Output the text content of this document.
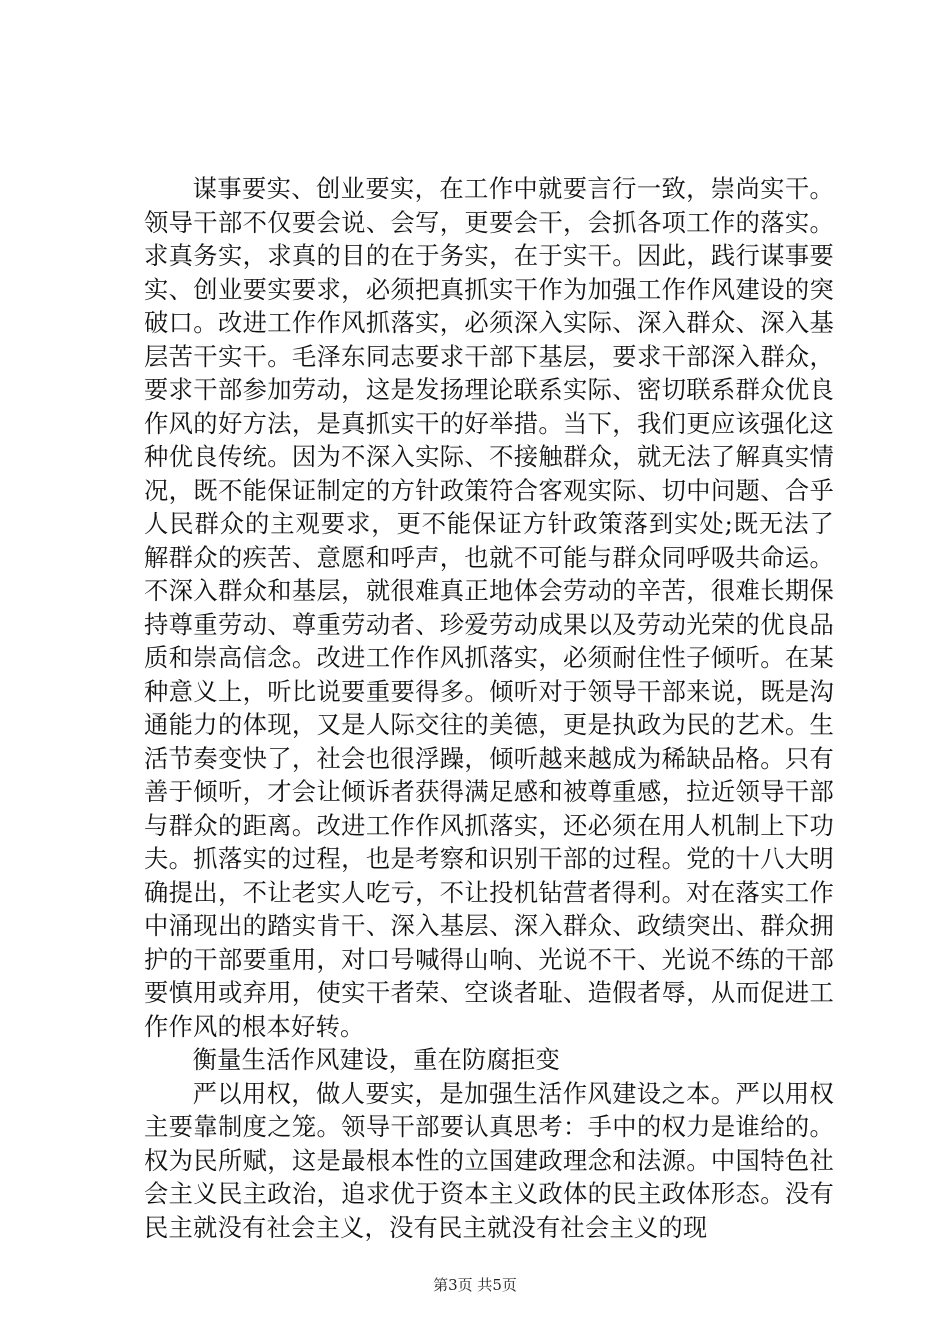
谋事要实、创业要实，在工作中就要言行一致，崇尚实干。领导干部不仅要会说、会写，更要会干，会抓各项工作的落实。求真务实，求真的目的在于务实，在于实干。因此，践行谋事要实、创业要实要求，必须把真抓实干作为加强工作作风建设的突破口。改进工作作风抓落实，必须深入实际、深入群众、深入基层苦干实干。毛泽东同志要求干部下基层，要求干部深入群众，要求干部参加劳动，这是发扬理论联系实际、密切联系群众优良作风的好方法，是真抓实干的好举措。当下，我们更应该强化这种优良传统。因为不深入实际、不接触群众，就无法了解真实情况，既不能保证制定的方针政策符合客观实际、切中问题、合乎人民群众的主观要求，更不能保证方针政策落到实处;既无法了解群众的疾苦、意愿和呼声，也就不可能与群众同呼吸共命运。不深入群众和基层，就很难真正地体会劳动的辛苦，很难长期保持尊重劳动、尊重劳动者、珍爱劳动成果以及劳动光荣的优良品质和崇高信念。改进工作作风抓落实，必须耐住性子倾听。在某种意义上，听比说要重要得多。倾听对于领导干部来说，既是沟通能力的体现，又是人际交往的美德，更是执政为民的艺术。生活节奏变快了，社会也很浮躁，倾听越来越成为稀缺品格。只有善于倾听，才会让倾诉者获得满足感和被尊重感，拉近领导干部与群众的距离。改进工作作风抓落实，还必须在用人机制上下功夫。抓落实的过程，也是考察和识别干部的过程。党的十八大明确提出，不让老实人吃亏，不让投机钻营者得利。对在落实工作中涌现出的踏实肯干、深入基层、深入群众、政绩突出、群众拥护的干部要重用，对口号喊得山响、光说不干、光说不练的干部要慎用或弃用，使实干者荣、空谈者耻、造假者辱，从而促进工作作风的根本好转。

衡量生活作风建设，重在防腐拒变

严以用权，做人要实，是加强生活作风建设之本。严以用权主要靠制度之笼。领导干部要认真思考：手中的权力是谁给的。权为民所赋，这是最根本性的立国建政理念和法源。中国特色社会主义民主政治，追求优于资本主义政体的民主政体形态。没有民主就没有社会主义，没有民主就没有社会主义的现

第3页 共5页
